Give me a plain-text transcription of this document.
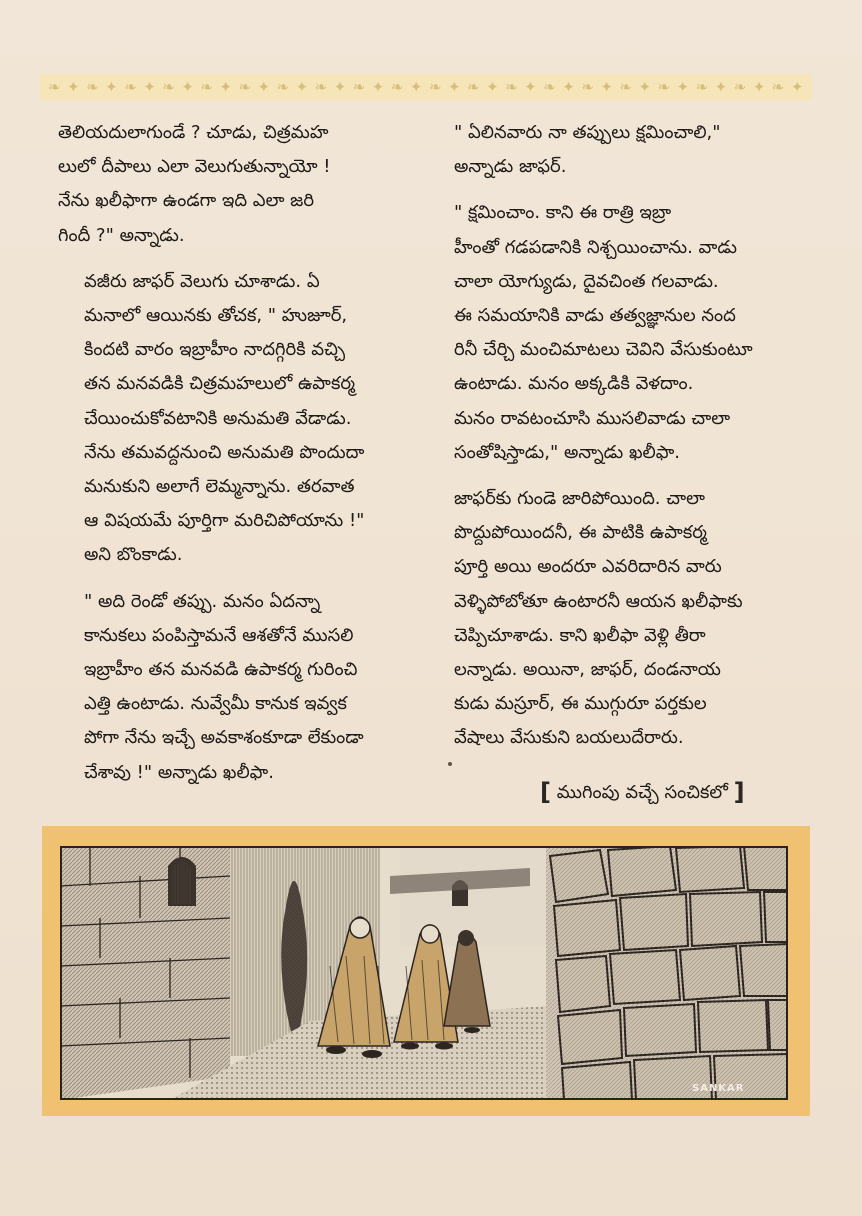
❧ ✦ ❧ ✦ ❧ ✦ ❧ ✦ ❧ ✦ ❧ ✦ ❧ ✦ ❧ ✦ ❧ ✦ ❧ ✦ ❧ ✦ ❧ ✦ ❧ ✦ ❧ ✦ ❧ ✦ ❧ ✦ ❧ ✦ ❧ ✦ ❧ ✦ ❧ ✦

తెలియదులాగుండే ? చూడు, చిత్రమహ
లులో దీపాలు ఎలా వెలుగుతున్నాయో !
నేను ఖలీఫాగా ఉండగా ఇది ఎలా జరి
గిందీ ?" అన్నాడు.

వజీరు జాఫర్ వెలుగు చూశాడు. ఏ
మనాలో ఆయినకు తోచక, " హుజూర్,
కిందటి వారం ఇబ్రాహీం నాదగ్గిరికి వచ్చి
తన మనవడికి చిత్రమహలులో ఉపాకర్మ
చేయించుకోవటానికి అనుమతి వేడాడు.
నేను తమవద్దనుంచి అనుమతి పొందుదా
మనుకుని అలాగే లెమ్మన్నాను. తరవాత
ఆ విషయమే పూర్తిగా మరిచిపోయాను !"
అని బొంకాడు.

" అది రెండో తప్పు. మనం ఏదన్నా
కానుకలు పంపిస్తామనే ఆశతోనే ముసలి
ఇబ్రాహీం తన మనవడి ఉపాకర్మ గురించి
ఎత్తి ఉంటాడు. నువ్వేమీ కానుక ఇవ్వక
పోగా నేను ఇచ్చే అవకాశంకూడా లేకుండా
చేశావు !" అన్నాడు ఖలీఫా.

" ఏలినవారు నా తప్పులు క్షమించాలి,"
అన్నాడు జాఫర్.

" క్షమించాం. కాని ఈ రాత్రి ఇబ్రా
హీంతో గడపడానికి నిశ్చయించాను. వాడు
చాలా యోగ్యుడు, దైవచింత గలవాడు.
ఈ సమయానికి వాడు తత్వజ్ఞానుల నంద
రినీ చేర్చి మంచిమాటలు చెవిని వేసుకుంటూ
ఉంటాడు. మనం అక్కడికి వెళదాం.
మనం రావటంచూసి ముసలివాడు చాలా
సంతోషిస్తాడు," అన్నాడు ఖలీఫా.

జాఫర్‌కు గుండె జారిపోయింది. చాలా
పొద్దుపోయిందనీ, ఈ పాటికి ఉపాకర్మ
పూర్తి అయి అందరూ ఎవరిదారిన వారు
వెళ్ళిపోబోతూ ఉంటారనీ ఆయన ఖలీఫాకు
చెప్పిచూశాడు. కాని ఖలీఫా వెళ్లి తీరా
లన్నాడు. అయినా, జాఫర్, దండనాయ
కుడు మస్రూర్, ఈ ముగ్గురూ పర్తకుల
వేషాలు వేసుకుని బయలుదేరారు.

[ ముగింపు వచ్చే సంచికలో ]
SANKAR
